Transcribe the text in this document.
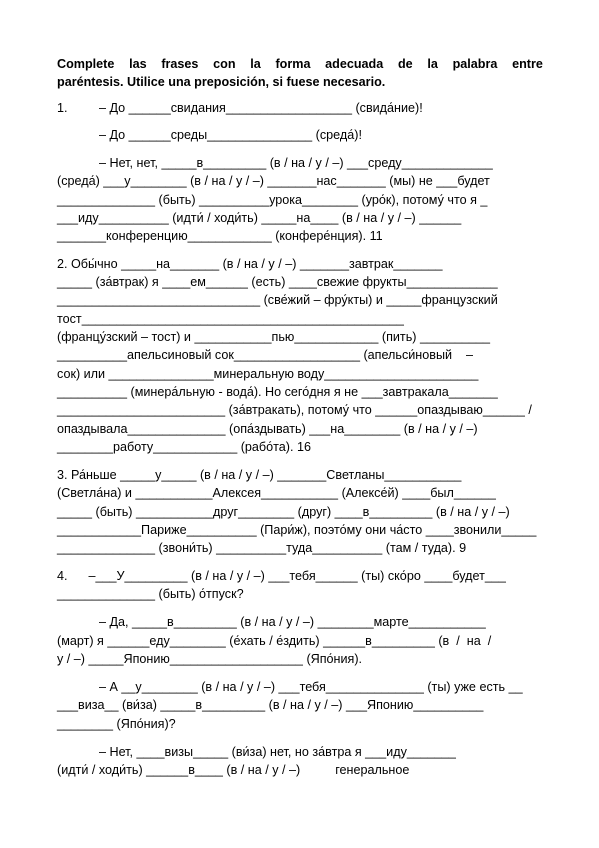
Complete las frases con la forma adecuada de la palabra entre
paréntesis. Utilice una preposición, si fuese necesario.
1.         – До ______свидания__________________ (свида́ние)!
– До ______среды_______________ (среда́)!
– Нет, нет, _____в_________ (в / на / у / –) ___среду_____________
(среда́) ___у________ (в / на / у / –) _______нас_______ (мы) не ___будет
______________ (быть) __________урока________ (уро́к), потому́ что я _
___иду__________ (идти́ / ходи́ть) _____на____ (в / на / у / –) ______
_______конференцию____________ (конфере́нция). 11
2. Обы́чно _____на_______ (в / на / у / –) _______завтрак_______
_____ (за́втрак) я ____ем______ (есть) ____свежие фрукты_____________
_____________________________ (све́жий – фру́кты) и _____французский
тост______________________________________________
(францу́зский – тост) и ___________пью____________ (пить) __________
__________апельсиновый сок__________________ (апельси́новый    –
сок) или _______________минеральную воду______________________
__________ (минера́льную - вода́). Но сего́дня я не ___завтракала_______
________________________ (за́втракать), потому́ что ______опаздываю______ /
опаздывала______________ (опа́здывать) ___на________ (в / на / у / –)
________работу____________ (рабо́та). 16
3. Ра́ньше _____у_____ (в / на / у / –) _______Светланы___________
(Светла́на) и ___________Алексея___________ (Алексе́й) ____был______
_____ (быть) ___________друг________ (друг) ____в_________ (в / на / у / –)
____________Париже__________ (Пари́ж), поэто́му они ча́сто ____звонили_____
______________ (звони́ть) __________туда__________ (там / туда). 9
4.      –___У_________ (в / на / у / –) ___тебя______ (ты) ско́ро ____будет___
______________ (быть) о́тпуск?
– Да, _____в_________ (в / на / у / –) ________марте___________
(март) я ______еду________ (е́хать / е́здить) ______в_________ (в  /  на  /
у / –) _____Японию___________________ (Япо́ния).
– А __у________ (в / на / у / –) ___тебя______________ (ты) уже есть __
___виза__ (ви́за) _____в_________ (в / на / у / –) ___Японию__________
________ (Япо́ния)?
– Нет, ____визы_____ (ви́за) нет, но за́втра я ___иду_______
(идти́ / ходи́ть) ______в____ (в / на / у / –)          генеральное
